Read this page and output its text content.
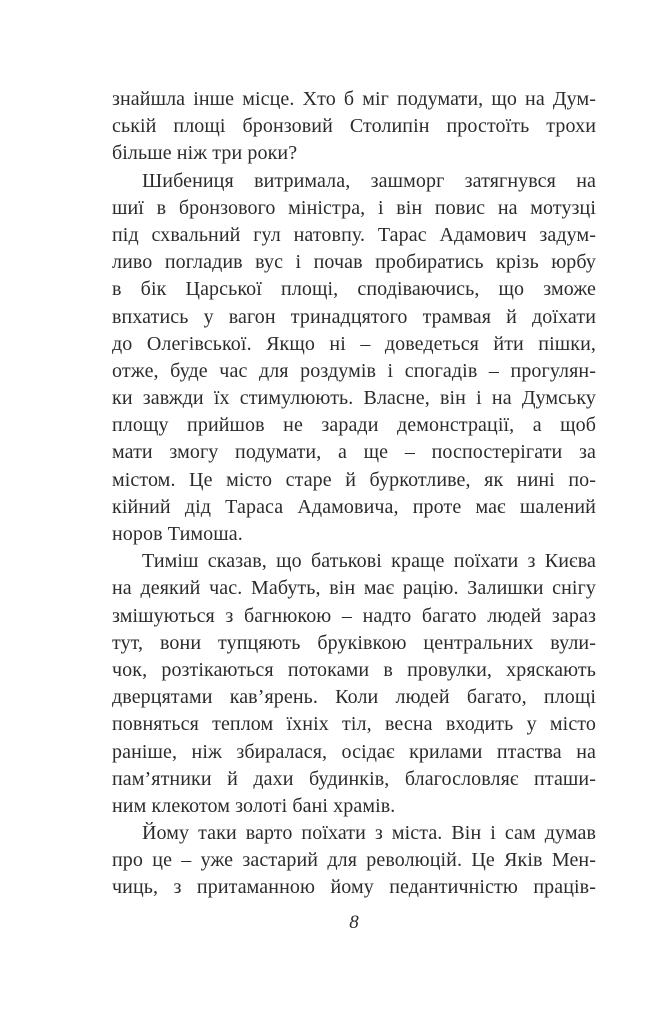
знайшла інше місце. Хто б міг подумати, що на Дум-
ській площі бронзовий Столипін простоїть трохи
більше ніж три роки?
Шибениця витримала, зашморг затягнувся на
шиї в бронзового міністра, і він повис на мотузці
під схвальний гул натовпу. Тарас Адамович задум-
ливо погладив вус і почав пробиратись крізь юрбу
в бік Царської площі, сподіваючись, що зможе
впхатись у вагон тринадцятого трамвая й доїхати
до Олегівської. Якщо ні – доведеться йти пішки,
отже, буде час для роздумів і спогадів – прогулян-
ки завжди їх стимулюють. Власне, він і на Думську
площу прийшов не заради демонстрації, а щоб
мати змогу подумати, а ще – поспостерігати за
містом. Це місто старе й буркотливе, як нині по-
кійний дід Тараса Адамовича, проте має шалений
норов Тимоша.
Тиміш сказав, що батькові краще поїхати з Києва
на деякий час. Мабуть, він має рацію. Залишки снігу
змішуються з багнюкою – надто багато людей зараз
тут, вони тупцяють бруківкою центральних вули-
чок, розтікаються потоками в провулки, хряскають
дверцятами кав’ярень. Коли людей багато, площі
повняться теплом їхніх тіл, весна входить у місто
раніше, ніж збиралася, осідає крилами птаства на
пам’ятники й дахи будинків, благословляє пташи-
ним клекотом золоті бані храмів.
Йому таки варто поїхати з міста. Він і сам думав
про це – уже застарий для революцій. Це Яків Мен-
чиць, з притаманною йому педантичністю праців-
8
